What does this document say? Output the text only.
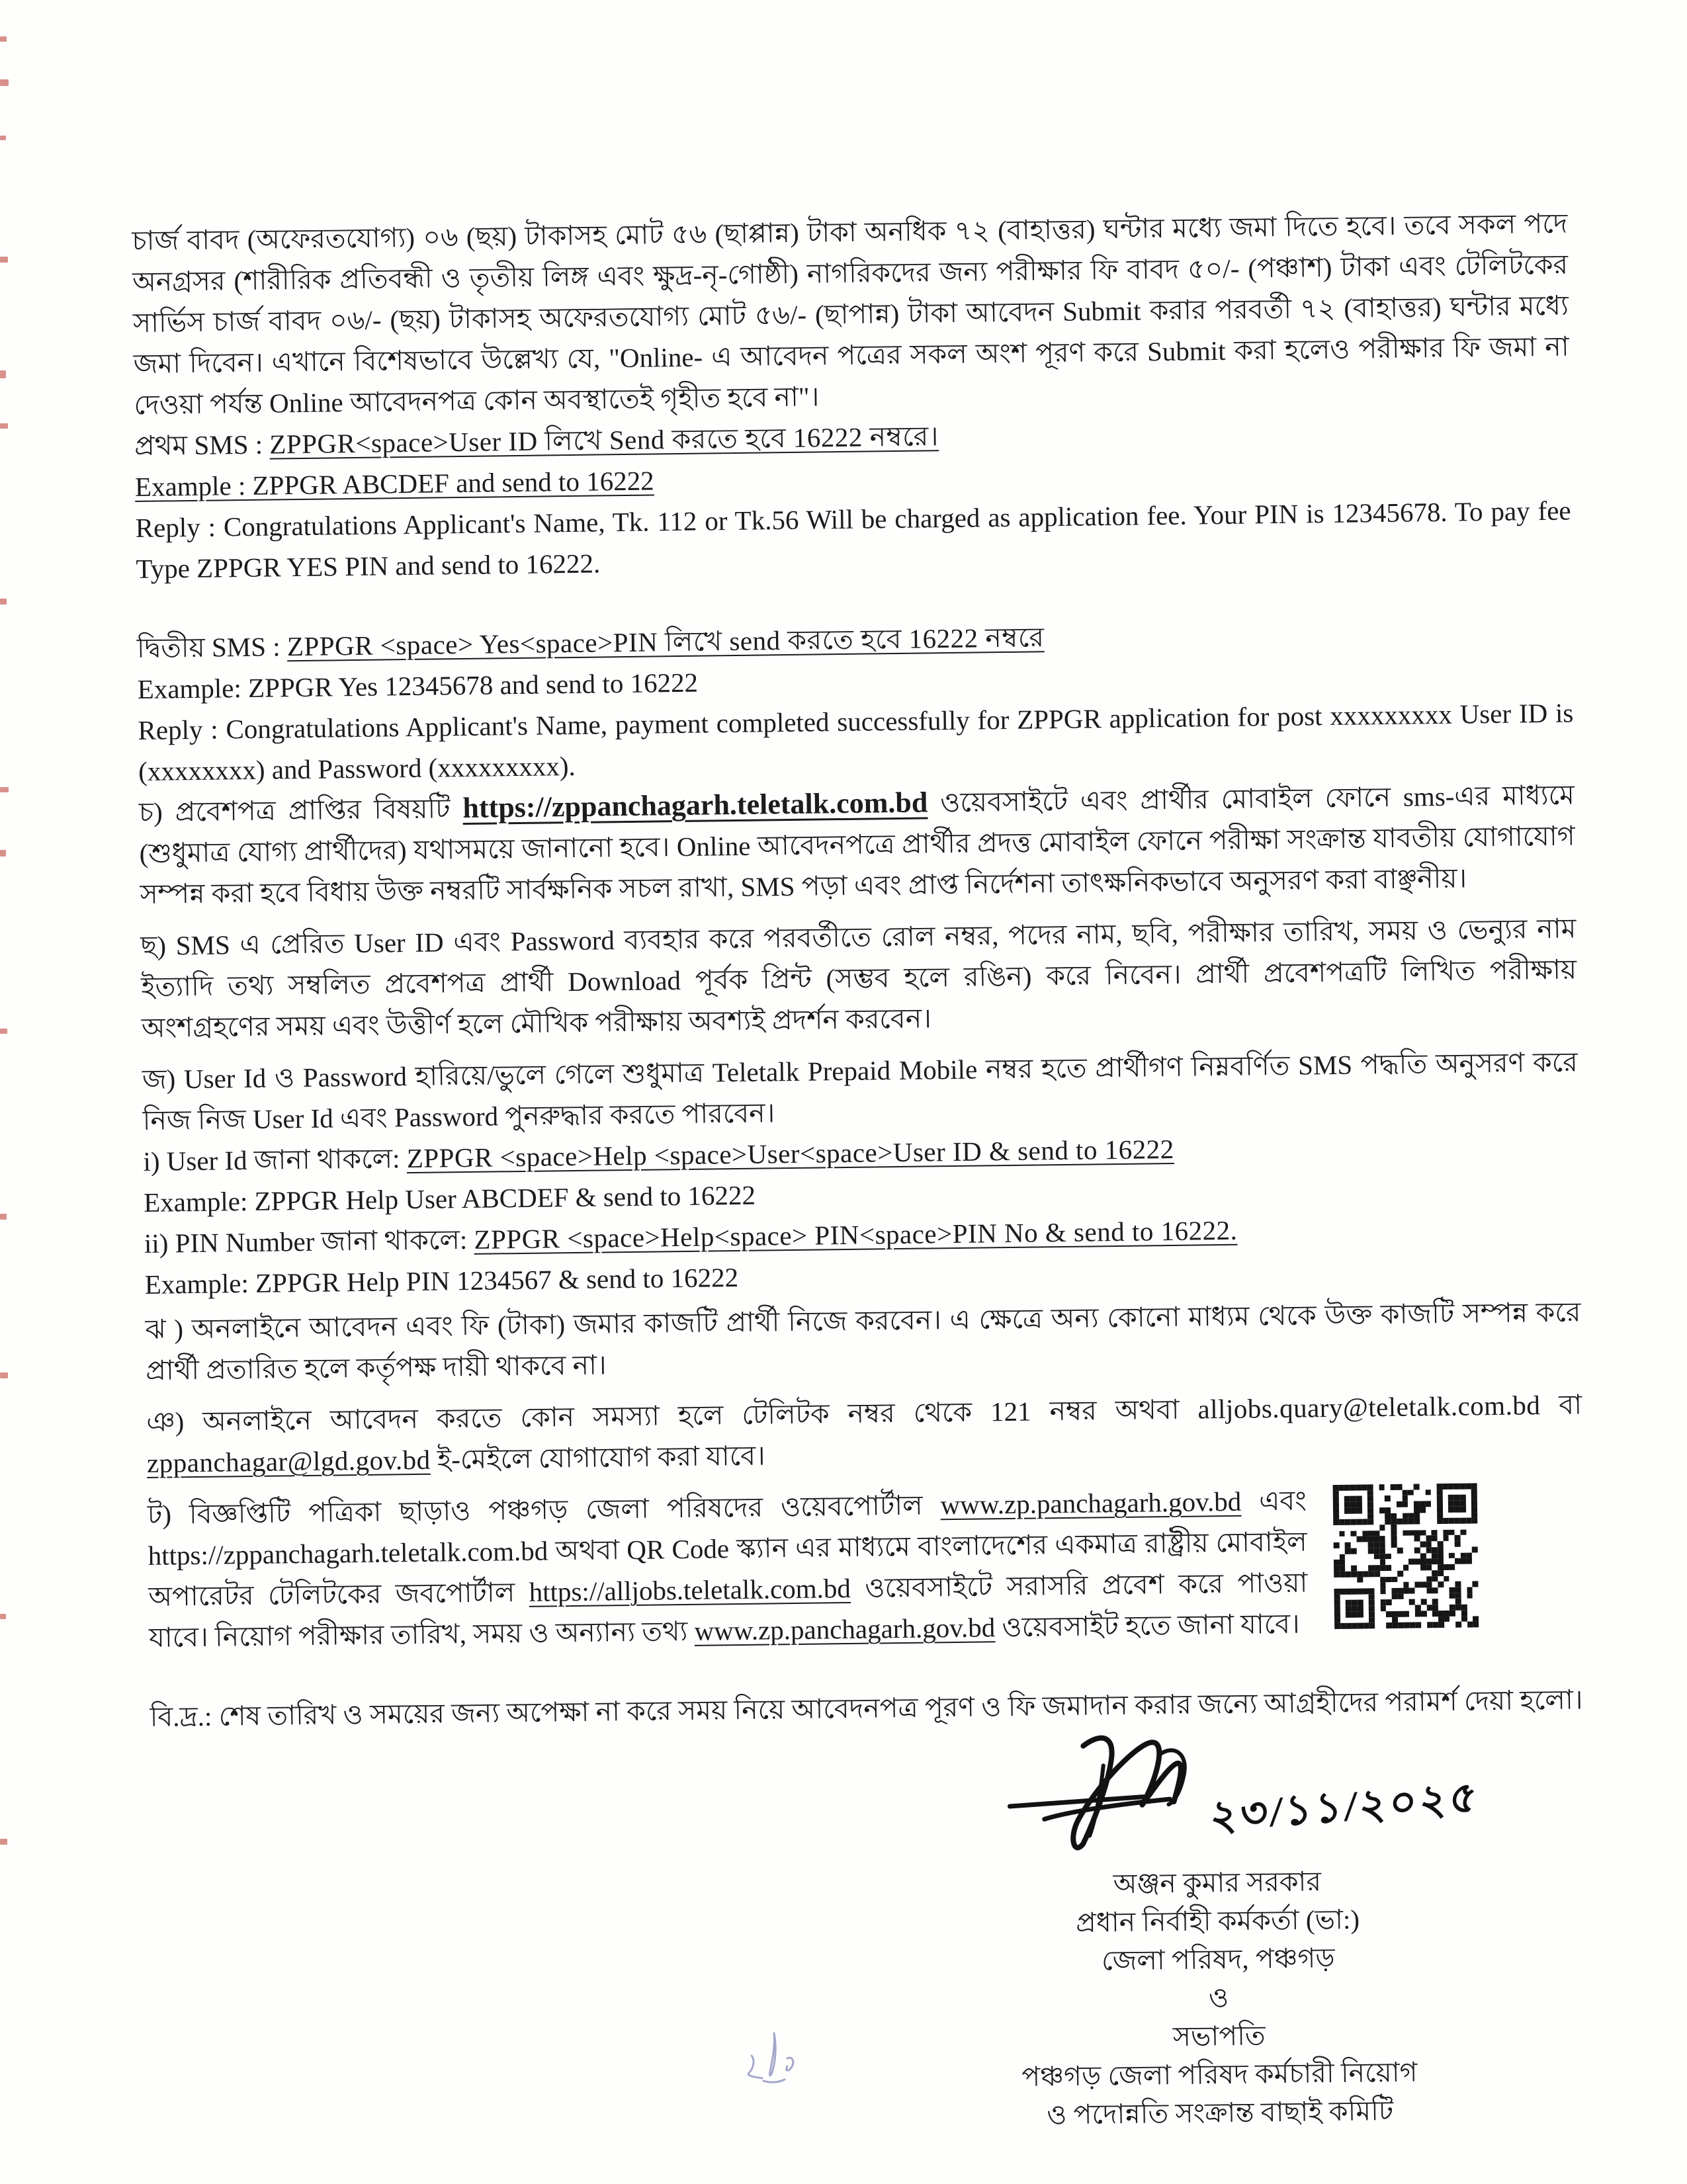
চার্জ বাবদ (অফেরতযোগ্য) ০৬ (ছয়) টাকাসহ মোট ৫৬ (ছাপ্পান্ন) টাকা অনধিক ৭২ (বাহাত্তর) ঘন্টার মধ্যে জমা দিতে হবে। তবে সকল পদে অনগ্রসর (শারীরিক প্রতিবন্ধী ও তৃতীয় লিঙ্গ এবং ক্ষুদ্র-নৃ-গোষ্ঠী) নাগরিকদের জন্য পরীক্ষার ফি বাবদ ৫০/- (পঞ্চাশ) টাকা এবং টেলিটকের সার্ভিস চার্জ বাবদ ০৬/- (ছয়) টাকাসহ অফেরতযোগ্য মোট ৫৬/- (ছাপান্ন) টাকা আবেদন Submit করার পরবর্তী ৭২ (বাহাত্তর) ঘন্টার মধ্যে জমা দিবেন। এখানে বিশেষভাবে উল্লেখ্য যে, "Online- এ আবেদন পত্রের সকল অংশ পূরণ করে Submit করা হলেও পরীক্ষার ফি জমা না দেওয়া পর্যন্ত Online আবেদনপত্র কোন অবস্থাতেই গৃহীত হবে না"।

প্রথম SMS : ZPPGR<space>User ID লিখে Send করতে হবে 16222 নম্বরে।

Example : ZPPGR ABCDEF and send to 16222

Reply : Congratulations Applicant's Name, Tk. 112 or Tk.56 Will be charged as application fee. Your PIN is 12345678. To pay fee Type ZPPGR YES PIN and send to 16222.

দ্বিতীয় SMS : ZPPGR <space> Yes<space>PIN লিখে send করতে হবে 16222 নম্বরে

Example: ZPPGR Yes 12345678 and send to 16222

Reply : Congratulations Applicant's Name, payment completed successfully for ZPPGR application for post xxxxxxxxx User ID is (xxxxxxxx) and Password (xxxxxxxxx).

চ) প্রবেশপত্র প্রাপ্তির বিষয়টি https://zppanchagarh.teletalk.com.bd ওয়েবসাইটে এবং প্রার্থীর মোবাইল ফোনে sms-এর মাধ্যমে (শুধুমাত্র যোগ্য প্রার্থীদের) যথাসময়ে জানানো হবে। Online আবেদনপত্রে প্রার্থীর প্রদত্ত মোবাইল ফোনে পরীক্ষা সংক্রান্ত যাবতীয় যোগাযোগ সম্পন্ন করা হবে বিধায় উক্ত নম্বরটি সার্বক্ষনিক সচল রাখা, SMS পড়া এবং প্রাপ্ত নির্দেশনা তাৎক্ষনিকভাবে অনুসরণ করা বাঞ্ছনীয়।

ছ) SMS এ প্রেরিত User ID এবং Password ব্যবহার করে পরবর্তীতে রোল নম্বর, পদের নাম, ছবি, পরীক্ষার তারিখ, সময় ও ভেন্যুর নাম ইত্যাদি তথ্য সম্বলিত প্রবেশপত্র প্রার্থী Download পূর্বক প্রিন্ট (সম্ভব হলে রঙিন) করে নিবেন। প্রার্থী প্রবেশপত্রটি লিখিত পরীক্ষায় অংশগ্রহণের সময় এবং উত্তীর্ণ হলে মৌখিক পরীক্ষায় অবশ্যই প্রদর্শন করবেন।

জ) User Id ও Password হারিয়ে/ভুলে গেলে শুধুমাত্র Teletalk Prepaid Mobile নম্বর হতে প্রার্থীগণ নিম্নবর্ণিত SMS পদ্ধতি অনুসরণ করে নিজ নিজ User Id এবং Password পুনরুদ্ধার করতে পারবেন।

i) User Id জানা থাকলে: ZPPGR <space>Help <space>User<space>User ID & send to 16222

Example: ZPPGR Help User ABCDEF & send to 16222

ii) PIN Number জানা থাকলে: ZPPGR <space>Help<space> PIN<space>PIN No & send to 16222.

Example: ZPPGR Help PIN 1234567 & send to 16222

ঝ ) অনলাইনে আবেদন এবং ফি (টাকা) জমার কাজটি প্রার্থী নিজে করবেন। এ ক্ষেত্রে অন্য কোনো মাধ্যম থেকে উক্ত কাজটি সম্পন্ন করে প্রার্থী প্রতারিত হলে কর্তৃপক্ষ দায়ী থাকবে না।

ঞ) অনলাইনে আবেদন করতে কোন সমস্যা হলে টেলিটক নম্বর থেকে 121 নম্বর অথবা alljobs.quary@teletalk.com.bd বা zppanchagar@lgd.gov.bd ই-মেইলে যোগাযোগ করা যাবে।

ট) বিজ্ঞপ্তিটি পত্রিকা ছাড়াও পঞ্চগড় জেলা পরিষদের ওয়েবপোর্টাল www.zp.panchagarh.gov.bd এবং https://zppanchagarh.teletalk.com.bd অথবা QR Code স্ক্যান এর মাধ্যমে বাংলাদেশের একমাত্র রাষ্ট্রীয় মোবাইল অপারেটর টেলিটকের জবপোর্টাল https://alljobs.teletalk.com.bd ওয়েবসাইটে সরাসরি প্রবেশ করে পাওয়া যাবে। নিয়োগ পরীক্ষার তারিখ, সময় ও অন্যান্য তথ্য www.zp.panchagarh.gov.bd ওয়েবসাইট হতে জানা যাবে।

বি.দ্র.: শেষ তারিখ ও সময়ের জন্য অপেক্ষা না করে সময় নিয়ে আবেদনপত্র পূরণ ও ফি জমাদান করার জন্যে আগ্রহীদের পরামর্শ দেয়া হলো।

২৩/১১/২০২৫
অঞ্জন কুমার সরকার
প্রধান নির্বাহী কর্মকর্তা (ভা:)
জেলা পরিষদ, পঞ্চগড়
ও
সভাপতি
পঞ্চগড় জেলা পরিষদ কর্মচারী নিয়োগ
ও পদোন্নতি সংক্রান্ত বাছাই কমিটি
